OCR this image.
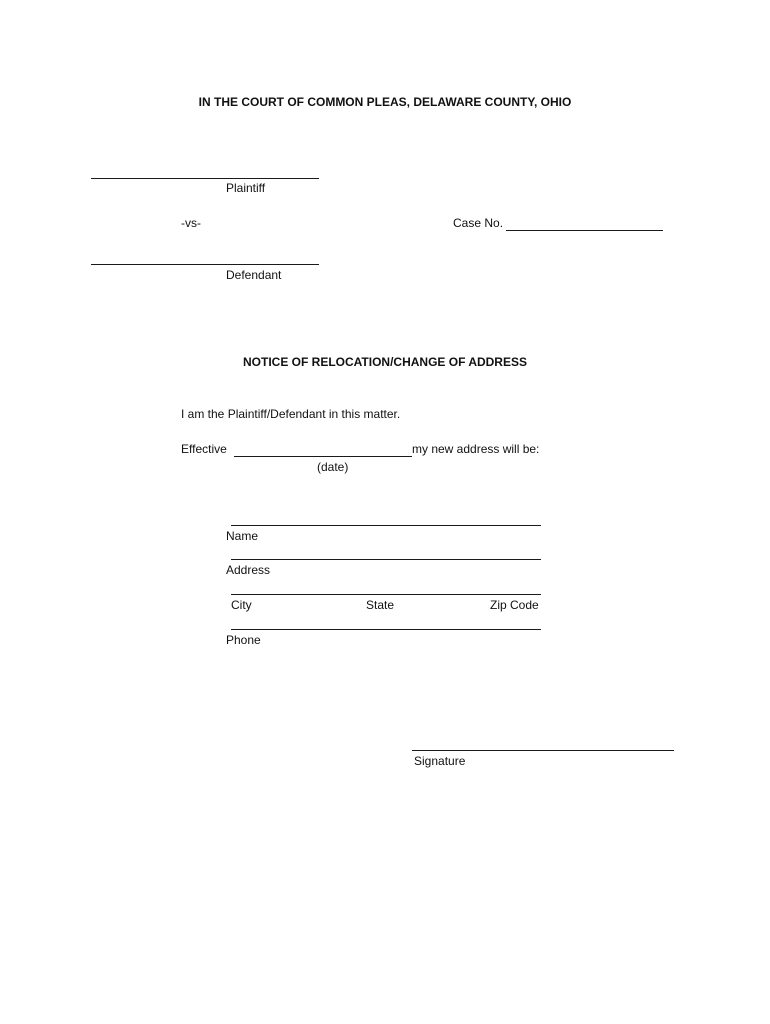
IN THE COURT OF COMMON PLEAS, DELAWARE COUNTY, OHIO
Plaintiff
-vs-	Case No.
Defendant
NOTICE OF RELOCATION/CHANGE OF ADDRESS
I am the Plaintiff/Defendant in this matter.
Effective	my new address will be:
(date)
Name
Address
City	State	Zip Code
Phone
Signature
